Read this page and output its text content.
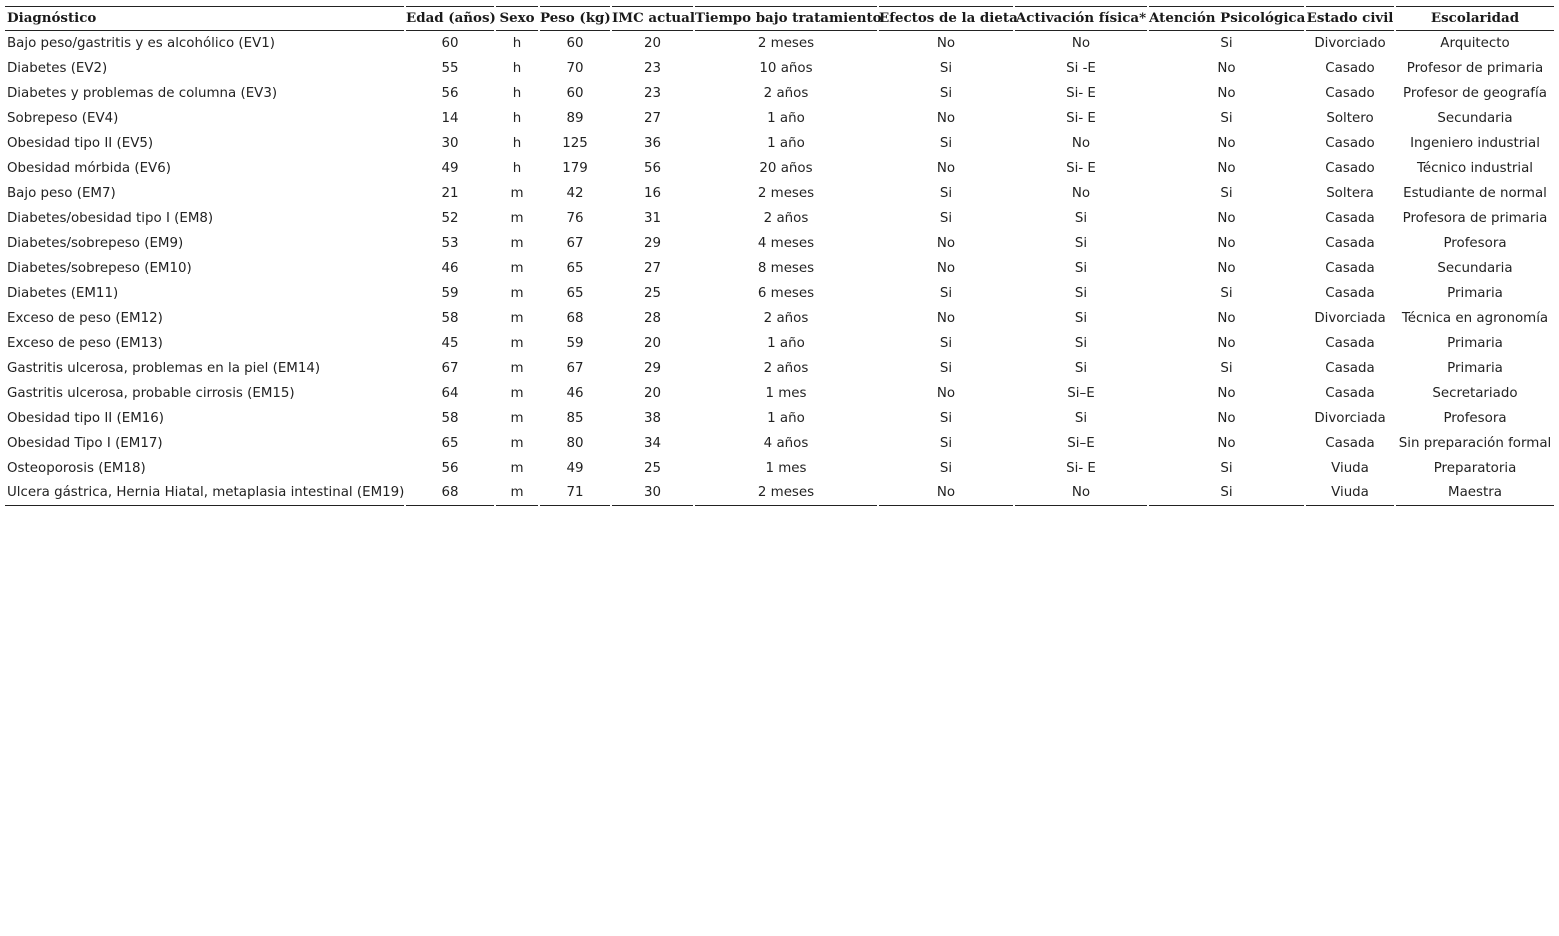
Diagnóstico	Edad (años)	Sexo	Peso (kg)	IMC actual	Tiempo bajo tratamiento	Efectos de la dieta	Activación física*	Atención Psicológica	Estado civil	Escolaridad

Bajo peso/gastritis y es alcohólico (EV1)	60	h	60	20	2 meses	No	No	Si	Divorciado	Arquitecto

Diabetes (EV2)	55	h	70	23	10 años	Si	Si -E	No	Casado	Profesor de primaria

Diabetes y problemas de columna (EV3)	56	h	60	23	2 años	Si	Si- E	No	Casado	Profesor de geografía

Sobrepeso (EV4)	14	h	89	27	1 año	No	Si- E	Si	Soltero	Secundaria

Obesidad tipo II (EV5)	30	h	125	36	1 año	Si	No	No	Casado	Ingeniero industrial

Obesidad mórbida (EV6)	49	h	179	56	20 años	No	Si- E	No	Casado	Técnico industrial

Bajo peso (EM7)	21	m	42	16	2 meses	Si	No	Si	Soltera	Estudiante de normal

Diabetes/obesidad tipo I (EM8)	52	m	76	31	2 años	Si	Si	No	Casada	Profesora de primaria

Diabetes/sobrepeso (EM9)	53	m	67	29	4 meses	No	Si	No	Casada	Profesora

Diabetes/sobrepeso (EM10)	46	m	65	27	8 meses	No	Si	No	Casada	Secundaria

Diabetes (EM11)	59	m	65	25	6 meses	Si	Si	Si	Casada	Primaria

Exceso de peso (EM12)	58	m	68	28	2 años	No	Si	No	Divorciada	Técnica en agronomía

Exceso de peso (EM13)	45	m	59	20	1 año	Si	Si	No	Casada	Primaria

Gastritis ulcerosa, problemas en la piel (EM14)	67	m	67	29	2 años	Si	Si	Si	Casada	Primaria

Gastritis ulcerosa, probable cirrosis (EM15)	64	m	46	20	1 mes	No	Si–E	No	Casada	Secretariado

Obesidad tipo II (EM16)	58	m	85	38	1 año	Si	Si	No	Divorciada	Profesora

Obesidad Tipo I (EM17)	65	m	80	34	4 años	Si	Si–E	No	Casada	Sin preparación formal

Osteoporosis (EM18)	56	m	49	25	1 mes	Si	Si- E	Si	Viuda	Preparatoria

Ulcera gástrica, Hernia Hiatal, metaplasia intestinal (EM19)	68	m	71	30	2 meses	No	No	Si	Viuda	Maestra
